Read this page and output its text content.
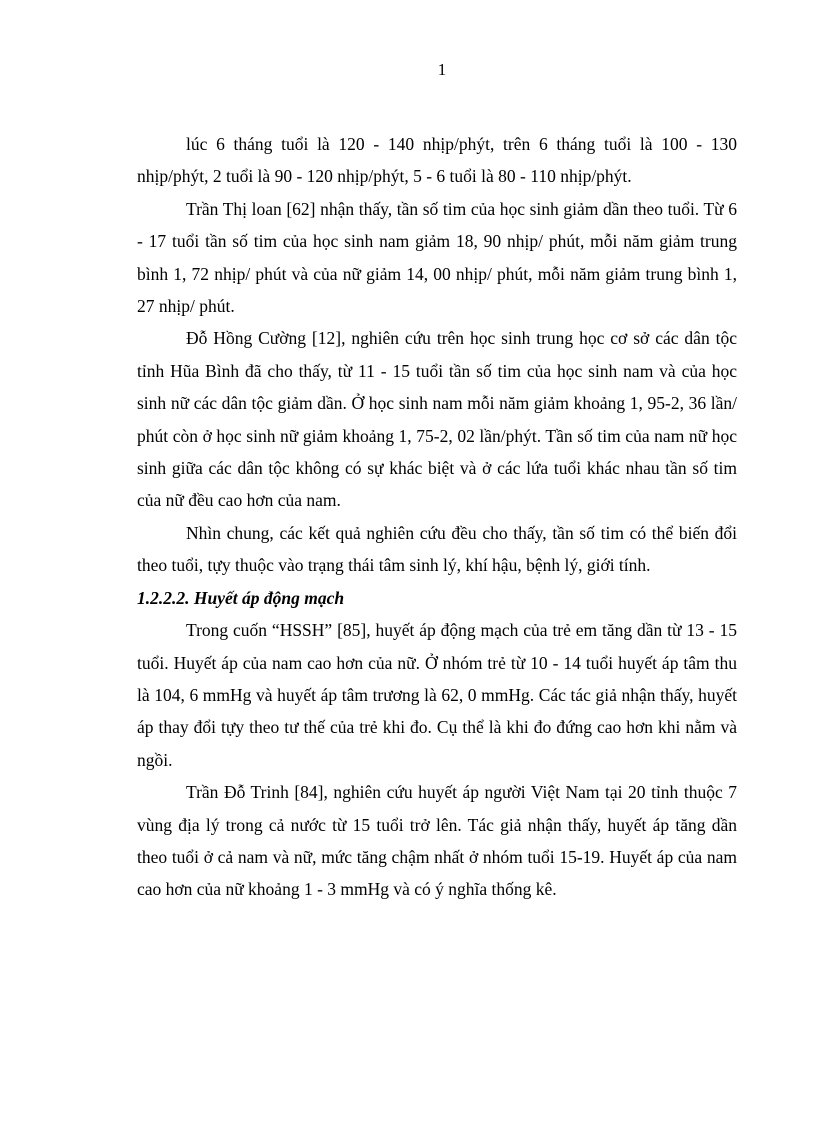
1

lúc 6 tháng tuổi là 120 - 140 nhịp/phýt, trên 6 tháng tuổi là 100 - 130 nhịp/phýt, 2 tuổi là 90 - 120 nhịp/phýt, 5 - 6 tuổi là 80 - 110 nhịp/phýt.

Trần Thị loan [62] nhận thấy, tần số tim của học sinh giảm dần theo tuổi. Từ 6 - 17 tuổi tần số tim của học sinh nam giảm 18, 90 nhịp/ phút, mỗi năm giảm trung bình 1, 72 nhịp/ phút và của nữ giảm 14, 00 nhịp/ phút, mỗi năm giảm trung bình 1, 27 nhịp/ phút.

Đỗ Hồng Cường [12], nghiên cứu trên học sinh trung học cơ sở các dân tộc tỉnh Hũa Bình đã cho thấy, từ 11 - 15 tuổi tần số tim của học sinh nam và của học sinh nữ các dân tộc giảm dần. Ở học sinh nam mỗi năm giảm khoảng 1, 95-2, 36 lần/ phút còn ở học sinh nữ giảm khoảng 1, 75-2, 02 lần/phýt. Tần số tim của nam nữ học sinh giữa các dân tộc không có sự khác biệt và ở các lứa tuổi khác nhau tần số tim của nữ đều cao hơn của nam.

Nhìn chung, các kết quả nghiên cứu đều cho thấy, tần số tim có thể biến đổi theo tuổi, tựy thuộc vào trạng thái tâm sinh lý, khí hậu, bệnh lý, giới tính.

1.2.2.2. Huyết áp động mạch

Trong cuốn “HSSH” [85], huyết áp động mạch của trẻ em tăng dần từ 13 - 15 tuổi. Huyết áp của nam cao hơn của nữ. Ở nhóm trẻ từ 10 - 14 tuổi huyết áp tâm thu là 104, 6 mmHg và huyết áp tâm trương là 62, 0 mmHg. Các tác giả nhận thấy, huyết áp thay đổi tựy theo tư thế của trẻ khi đo. Cụ thể là khi đo đứng cao hơn khi nằm và ngồi.

Trần Đỗ Trinh [84], nghiên cứu huyết áp người Việt Nam tại 20 tỉnh thuộc 7 vùng địa lý trong cả nước từ 15 tuổi trở lên. Tác giả nhận thấy, huyết áp tăng dần theo tuổi ở cả nam và nữ, mức tăng chậm nhất ở nhóm tuổi 15-19. Huyết áp của nam cao hơn của nữ khoảng 1 - 3 mmHg và có ý nghĩa thống kê.
